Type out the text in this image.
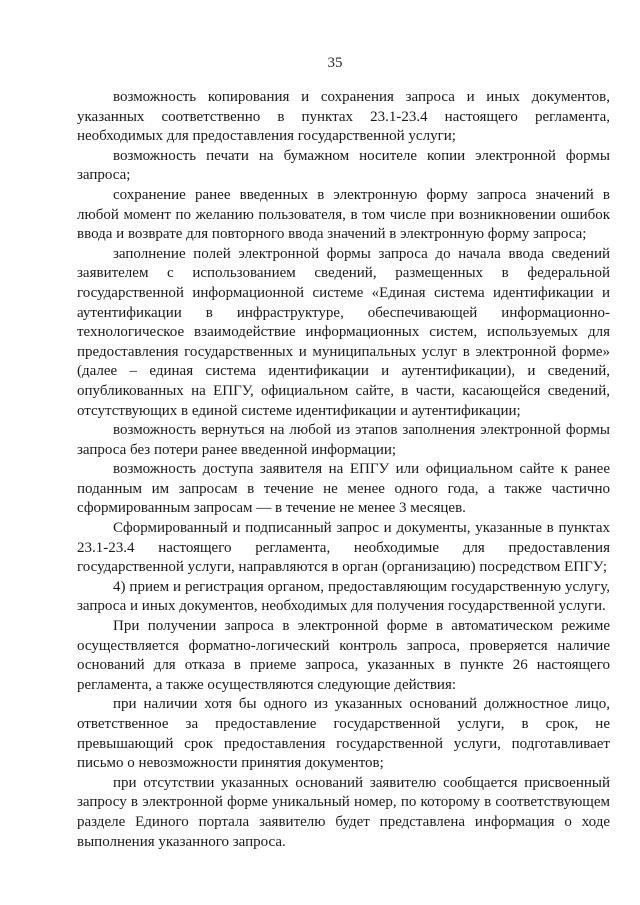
35

возможность копирования и сохранения запроса и иных документов, указанных соответственно в пунктах 23.1-23.4 настоящего регламента, необходимых для предоставления государственной услуги;

возможность печати на бумажном носителе копии электронной формы запроса;

сохранение ранее введенных в электронную форму запроса значений в любой момент по желанию пользователя, в том числе при возникновении ошибок ввода и возврате для повторного ввода значений в электронную форму запроса;

заполнение полей электронной формы запроса до начала ввода сведений заявителем с использованием сведений, размещенных в федеральной государственной информационной системе «Единая система идентификации и аутентификации в инфраструктуре, обеспечивающей информационно-технологическое взаимодействие информационных систем, используемых для предоставления государственных и муниципальных услуг в электронной форме» (далее – единая система идентификации и аутентификации), и сведений, опубликованных на ЕПГУ, официальном сайте, в части, касающейся сведений, отсутствующих в единой системе идентификации и аутентификации;

возможность вернуться на любой из этапов заполнения электронной формы запроса без потери ранее введенной информации;

возможность доступа заявителя на ЕПГУ или официальном сайте к ранее поданным им запросам в течение не менее одного года, а также частично сформированным запросам — в течение не менее 3 месяцев.

Сформированный и подписанный запрос и документы, указанные в пунктах 23.1-23.4 настоящего регламента, необходимые для предоставления государственной услуги, направляются в орган (организацию) посредством ЕПГУ;

4) прием и регистрация органом, предоставляющим государственную услугу, запроса и иных документов, необходимых для получения государственной услуги.

При получении запроса в электронной форме в автоматическом режиме осуществляется форматно-логический контроль запроса, проверяется наличие оснований для отказа в приеме запроса, указанных в пункте 26 настоящего регламента, а также осуществляются следующие действия:

при наличии хотя бы одного из указанных оснований должностное лицо, ответственное за предоставление государственной услуги, в срок, не превышающий срок предоставления государственной услуги, подготавливает письмо о невозможности принятия документов;

при отсутствии указанных оснований заявителю сообщается присвоенный запросу в электронной форме уникальный номер, по которому в соответствующем разделе Единого портала заявителю будет представлена информация о ходе выполнения указанного запроса.
